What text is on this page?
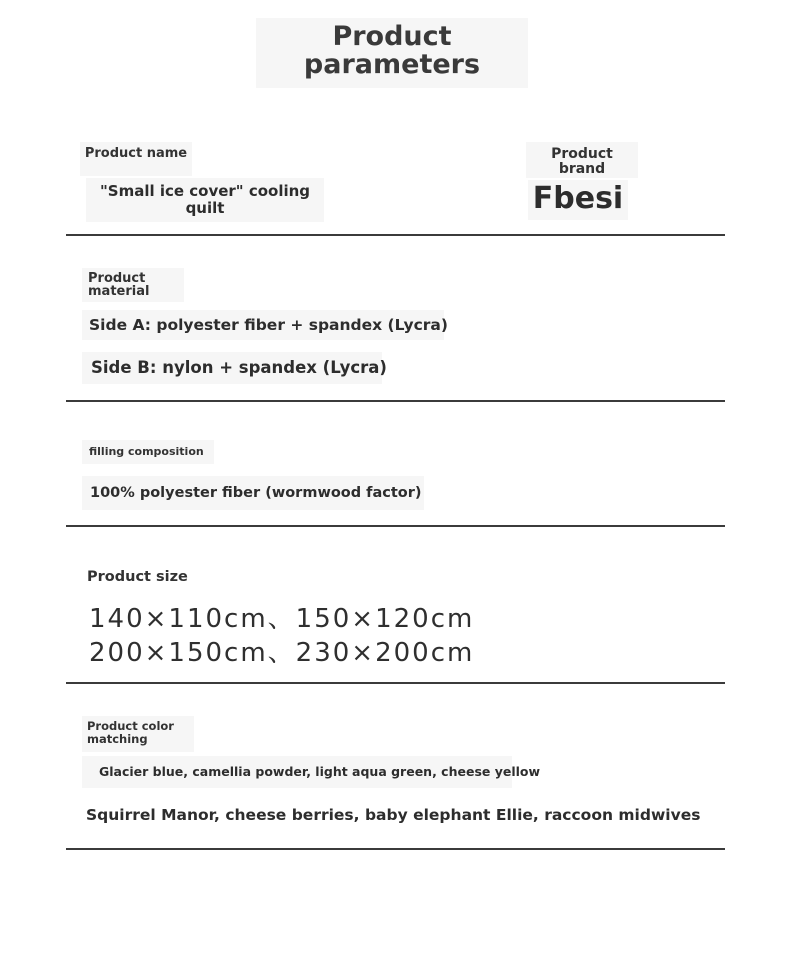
Product parameters
Product name
"Small ice cover" cooling quilt
Product brand
Fbesi
Product material
Side A: polyester fiber + spandex (Lycra)
Side B: nylon + spandex (Lycra)
filling composition
100% polyester fiber (wormwood factor)
Product size
140×110cm、150×120cm
200×150cm、230×200cm
Product color matching
Glacier blue, camellia powder, light aqua green, cheese yellow
Squirrel Manor, cheese berries, baby elephant Ellie, raccoon midwives
